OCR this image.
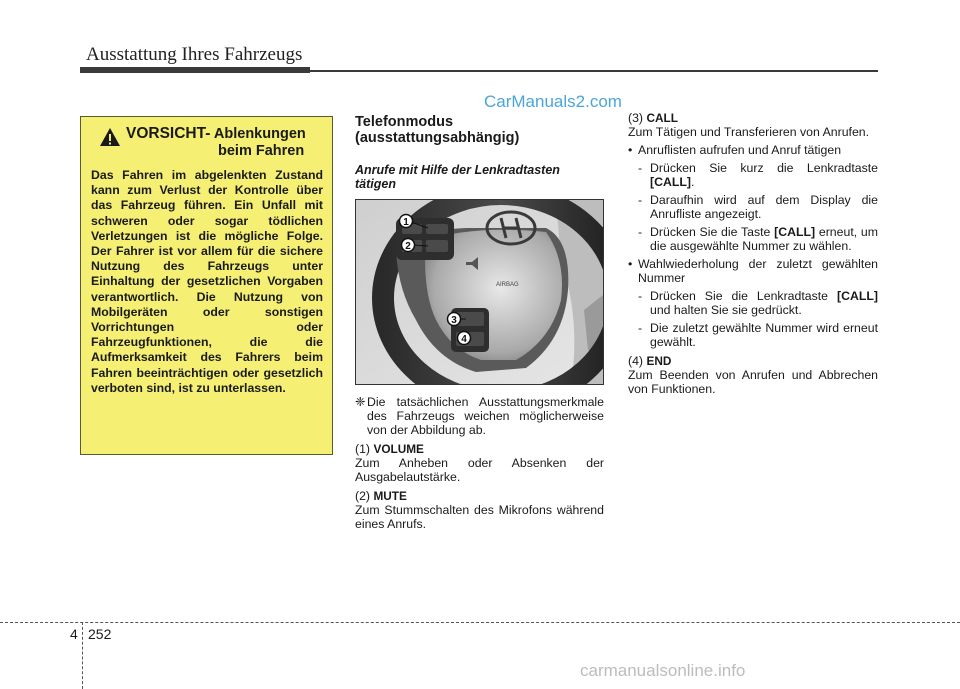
Ausstattung Ihres Fahrzeugs
CarManuals2.com
VORSICHT- Ablenkungen
beim Fahren
Das Fahren im abgelenkten Zustand kann zum Verlust der Kontrolle über das Fahrzeug führen. Ein Unfall mit schweren oder sogar tödlichen Verletzungen ist die mögliche Folge. Der Fahrer ist vor allem für die sichere Nutzung des Fahrzeugs unter Einhaltung der gesetzlichen Vorgaben verantwortlich. Die Nutzung von Mobilgeräten oder sonstigen Vorrichtungen oder Fahrzeugfunktionen, die die Aufmerksamkeit des Fahrers beim Fahren beeinträchtigen oder gesetzlich verboten sind, ist zu unterlassen.
Telefonmodus (ausstattungsabhängig)
Anrufe mit Hilfe der Lenkradtasten tätigen
AIRBAG
1
2
3
4
❈ Die tatsächlichen Ausstattungsmerkmale des Fahrzeugs weichen möglicherweise von der Abbildung ab.
(1) VOLUME
Zum Anheben oder Absenken der Ausgabelautstärke.
(2) MUTE
Zum Stummschalten des Mikrofons während eines Anrufs.
(3) CALL
Zum Tätigen und Transferieren von Anrufen.
• Anruflisten aufrufen und Anruf tätigen
- Drücken Sie kurz die Lenkradtaste [CALL].
- Daraufhin wird auf dem Display die Anrufliste angezeigt.
- Drücken Sie die Taste [CALL] erneut, um die ausgewählte Nummer zu wählen.
• Wahlwiederholung der zuletzt gewählten Nummer
- Drücken Sie die Lenkradtaste [CALL] und halten Sie sie gedrückt.
- Die zuletzt gewählte Nummer wird erneut gewählt.
(4) END
Zum Beenden von Anrufen und Abbrechen von Funktionen.
4 252
carmanualsonline.info
